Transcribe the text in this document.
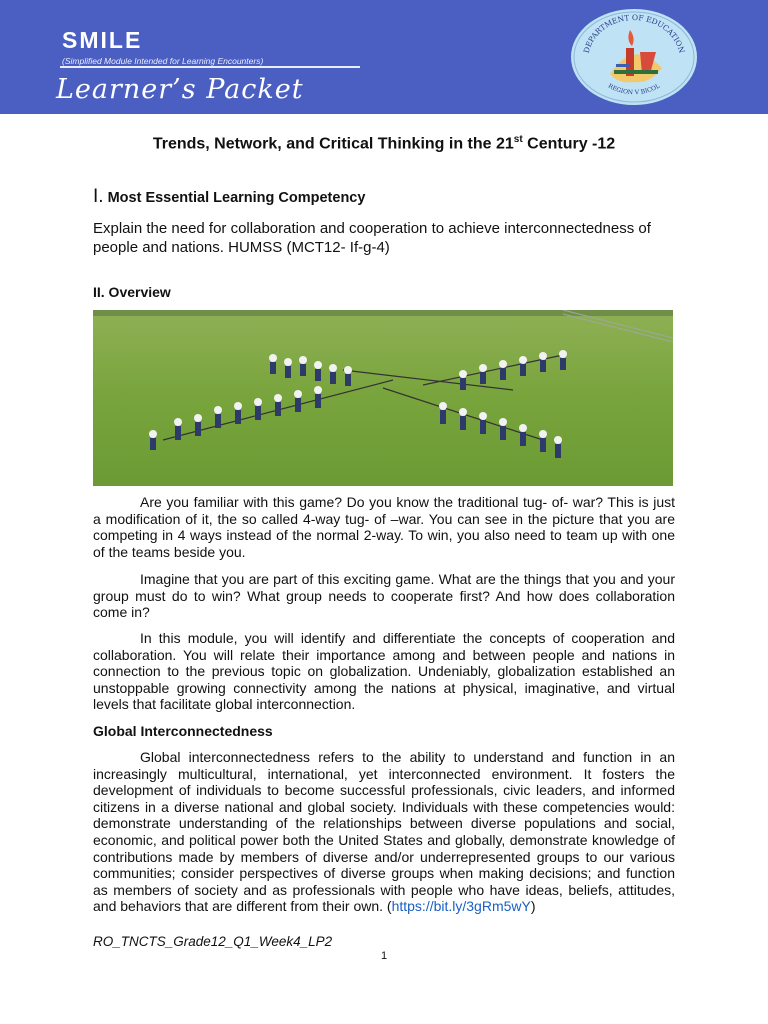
SMILE
(Simplified Module Intended for Learning Encounters)
Learner’s Packet
DEPARTMENT OF EDUCATION
REGION V BICOL
Trends, Network, and Critical Thinking in the 21st Century -12
I. Most Essential Learning Competency
Explain the need for collaboration and cooperation to achieve interconnectedness of people and nations. HUMSS (MCT12- If-g-4)
II. Overview
Are you familiar with this game? Do you know the traditional tug- of- war? This is just a modification of it, the so called 4-way tug- of –war. You can see in the picture that you are competing in 4 ways instead of the normal 2-way. To win, you also need to team up with one of the teams beside you.
Imagine that you are part of this exciting game. What are the things that you and your group must do to win? What group needs to cooperate first? And how does collaboration come in?
In this module, you will identify and differentiate the concepts of cooperation and collaboration. You will relate their importance among and between people and nations in connection to the previous topic on globalization. Undeniably, globalization established an unstoppable growing connectivity among the nations at physical, imaginative, and virtual levels that facilitate global interconnection.
Global Interconnectedness
Global interconnectedness refers to the ability to understand and function in an increasingly multicultural, international, yet interconnected environment. It fosters the development of individuals to become successful professionals, civic leaders, and informed citizens in a diverse national and global society. Individuals with these competencies would: demonstrate understanding of the relationships between diverse populations and social, economic, and political power both the United States and globally, demonstrate knowledge of contributions made by members of diverse and/or underrepresented groups to our various communities; consider perspectives of diverse groups when making decisions; and function as members of society and as professionals with people who have ideas, beliefs, attitudes, and behaviors that are different from their own. (https://bit.ly/3gRm5wY)
RO_TNCTS_Grade12_Q1_Week4_LP2
1
